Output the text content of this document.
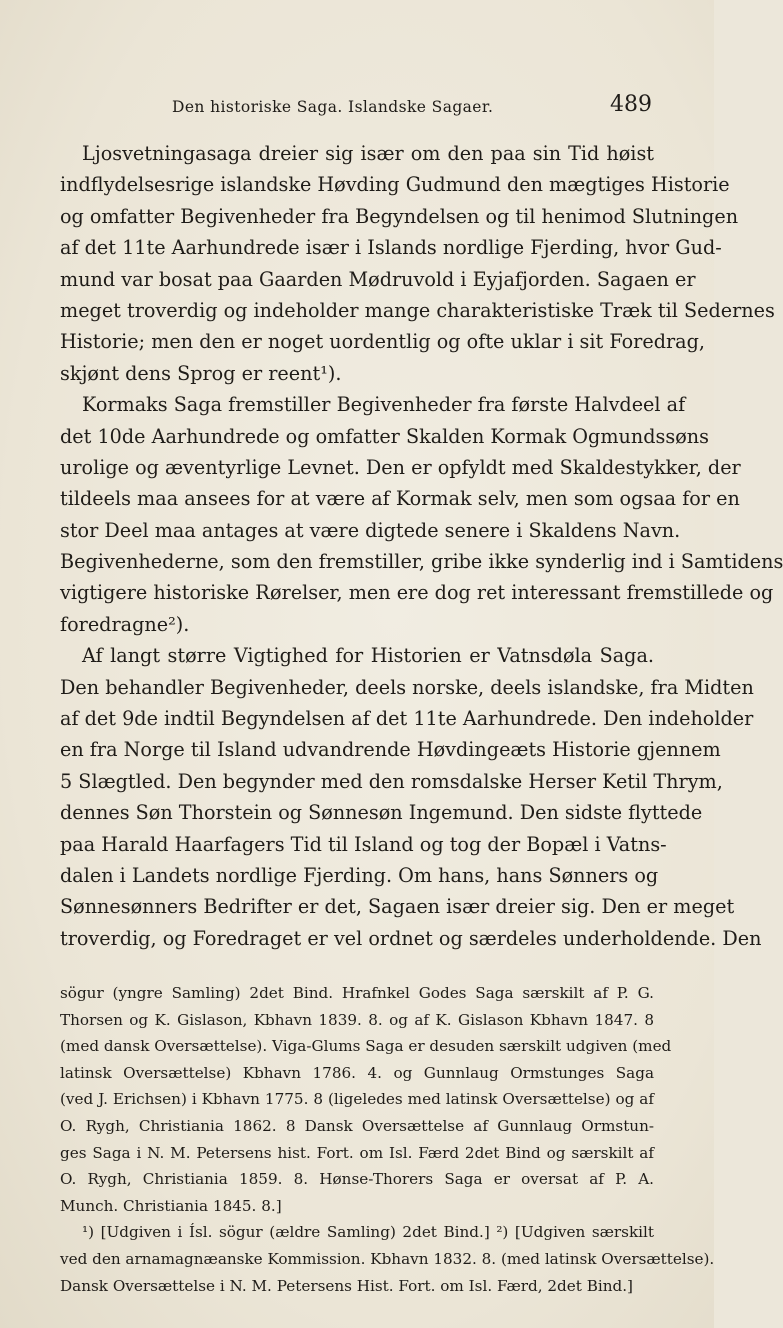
Den historiske Saga. Islandske Sagaer.	489
Ljosvetningasaga dreier sig især om den paa sin Tid høist
indflydelsesrige islandske Høvding Gudmund den mægtiges Historie
og omfatter Begivenheder fra Begyndelsen og til henimod Slutningen
af det 11te Aarhundrede især i Islands nordlige Fjerding, hvor Gud-
mund var bosat paa Gaarden Mødruvold i Eyjafjorden. Sagaen er
meget troverdig og indeholder mange charakteristiske Træk til Sedernes
Historie; men den er noget uordentlig og ofte uklar i sit Foredrag,
skjønt dens Sprog er reent¹).
Kormaks Saga fremstiller Begivenheder fra første Halvdeel af
det 10de Aarhundrede og omfatter Skalden Kormak Ogmundssøns
urolige og æventyrlige Levnet. Den er opfyldt med Skaldestykker, der
tildeels maa ansees for at være af Kormak selv, men som ogsaa for en
stor Deel maa antages at være digtede senere i Skaldens Navn.
Begivenhederne, som den fremstiller, gribe ikke synderlig ind i Samtidens
vigtigere historiske Rørelser, men ere dog ret interessant fremstillede og
foredragne²).
Af langt større Vigtighed for Historien er Vatnsdøla Saga.
Den behandler Begivenheder, deels norske, deels islandske, fra Midten
af det 9de indtil Begyndelsen af det 11te Aarhundrede. Den indeholder
en fra Norge til Island udvandrende Høvdingeæts Historie gjennem
5 Slægtled. Den begynder med den romsdalske Herser Ketil Thrym,
dennes Søn Thorstein og Sønnesøn Ingemund. Den sidste flyttede
paa Harald Haarfagers Tid til Island og tog der Bopæl i Vatns-
dalen i Landets nordlige Fjerding. Om hans, hans Sønners og
Sønnesønners Bedrifter er det, Sagaen især dreier sig. Den er meget
troverdig, og Foredraget er vel ordnet og særdeles underholdende. Den
sögur (yngre Samling) 2det Bind. Hrafnkel Godes Saga særskilt af P. G.
Thorsen og K. Gislason, Kbhavn 1839. 8. og af K. Gislason Kbhavn 1847. 8
(med dansk Oversættelse). Viga-Glums Saga er desuden særskilt udgiven (med
latinsk Oversættelse) Kbhavn 1786. 4. og Gunnlaug Ormstunges Saga
(ved J. Erichsen) i Kbhavn 1775. 8 (ligeledes med latinsk Oversættelse) og af
O. Rygh, Christiania 1862. 8 Dansk Oversættelse af Gunnlaug Ormstun-
ges Saga i N. M. Petersens hist. Fort. om Isl. Færd 2det Bind og særskilt af
O. Rygh, Christiania 1859. 8. Hønse-Thorers Saga er oversat af P. A.
Munch. Christiania 1845. 8.]
¹) [Udgiven i Ísl. sögur (ældre Samling) 2det Bind.] ²) [Udgiven særskilt
ved den arnamagnæanske Kommission. Kbhavn 1832. 8. (med latinsk Oversættelse).
Dansk Oversættelse i N. M. Petersens Hist. Fort. om Isl. Færd, 2det Bind.]
